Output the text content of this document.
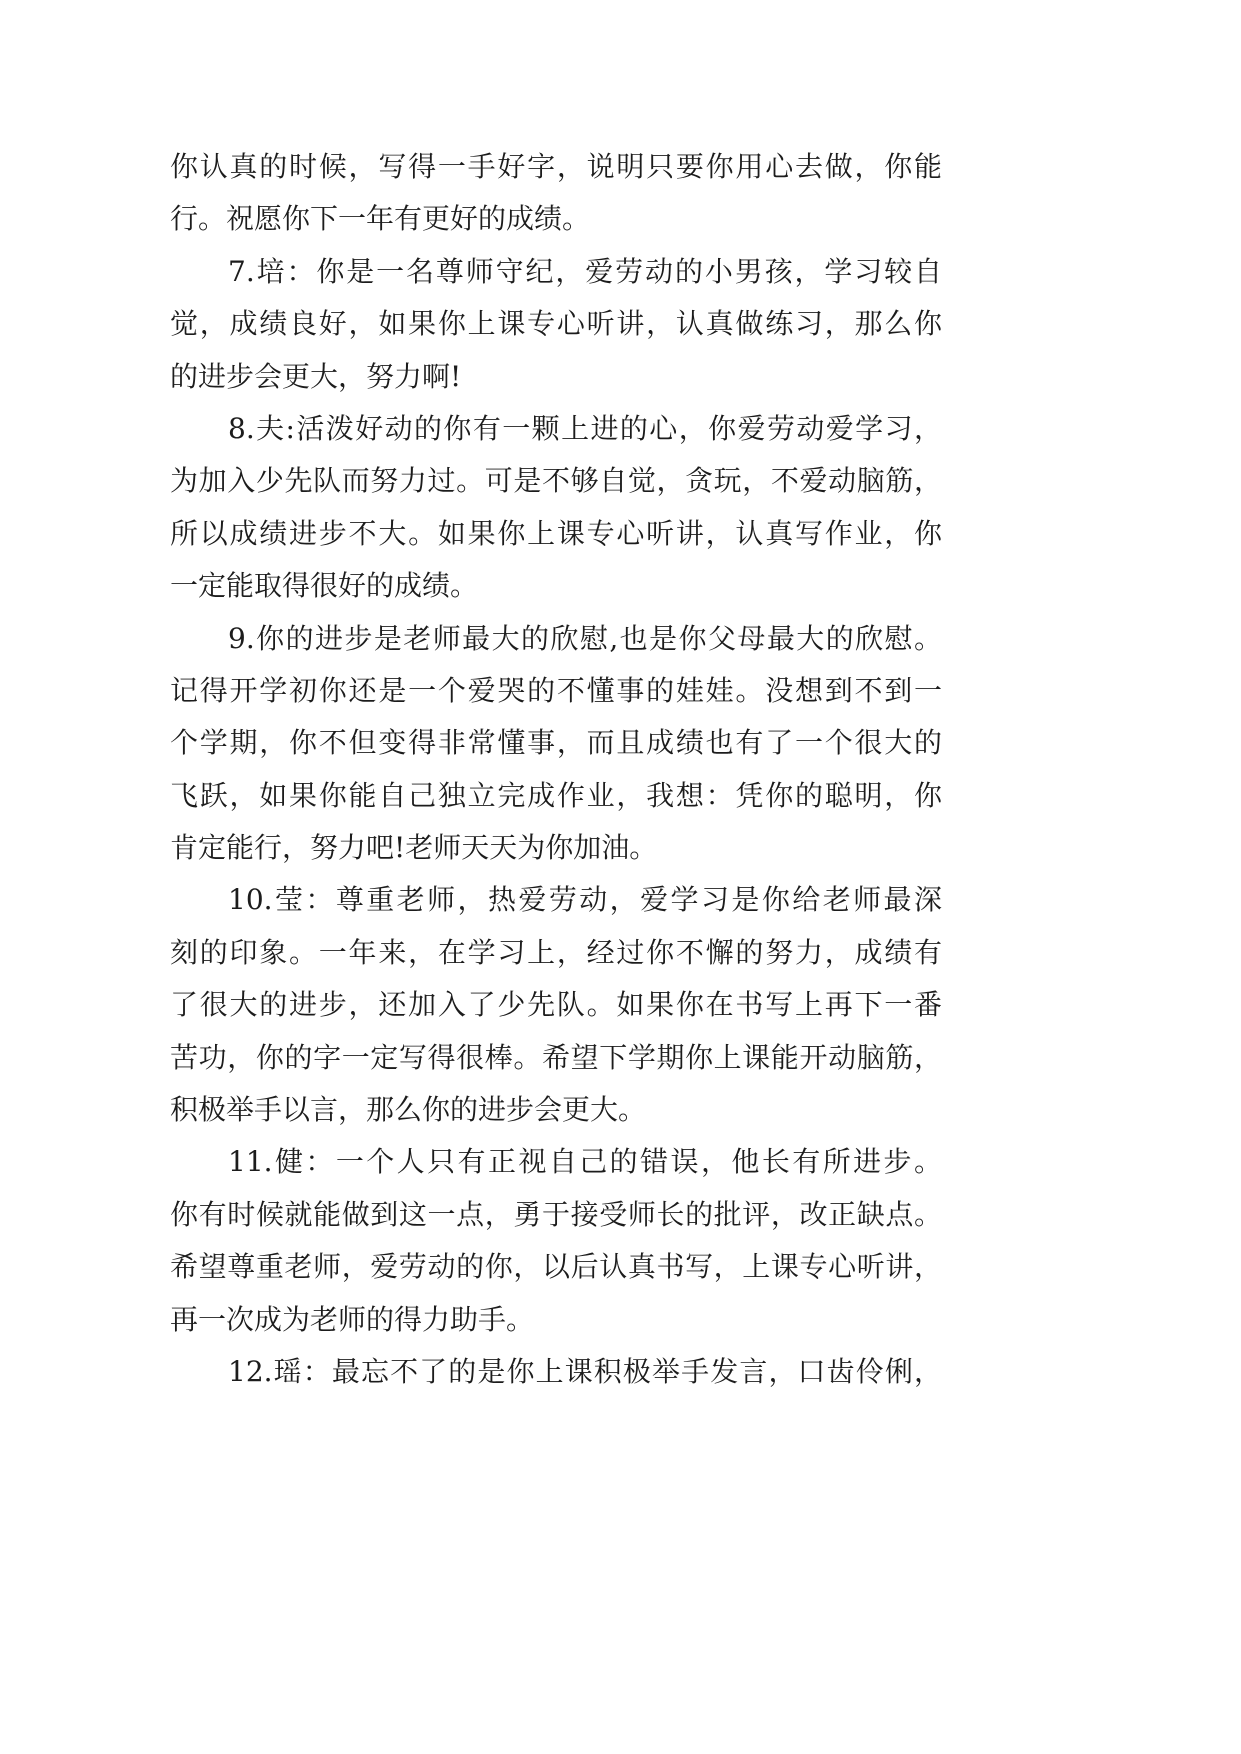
你认真的时候，写得一手好字，说明只要你用心去做，你能
行。祝愿你下一年有更好的成绩。
7.培：你是一名尊师守纪，爱劳动的小男孩，学习较自
觉，成绩良好，如果你上课专心听讲，认真做练习，那么你
的进步会更大，努力啊!
8.夫:活泼好动的你有一颗上进的心，你爱劳动爱学习，
为加入少先队而努力过。可是不够自觉，贪玩，不爱动脑筋，
所以成绩进步不大。如果你上课专心听讲，认真写作业，你
一定能取得很好的成绩。
9.你的进步是老师最大的欣慰,也是你父母最大的欣慰。
记得开学初你还是一个爱哭的不懂事的娃娃。没想到不到一
个学期，你不但变得非常懂事，而且成绩也有了一个很大的
飞跃，如果你能自己独立完成作业，我想：凭你的聪明，你
肯定能行，努力吧!老师天天为你加油。
10.莹：尊重老师，热爱劳动，爱学习是你给老师最深
刻的印象。一年来，在学习上，经过你不懈的努力，成绩有
了很大的进步，还加入了少先队。如果你在书写上再下一番
苦功，你的字一定写得很棒。希望下学期你上课能开动脑筋，
积极举手以言，那么你的进步会更大。
11.健：一个人只有正视自己的错误，他长有所进步。
你有时候就能做到这一点，勇于接受师长的批评，改正缺点。
希望尊重老师，爱劳动的你，以后认真书写，上课专心听讲，
再一次成为老师的得力助手。
12.瑶：最忘不了的是你上课积极举手发言，口齿伶俐，
